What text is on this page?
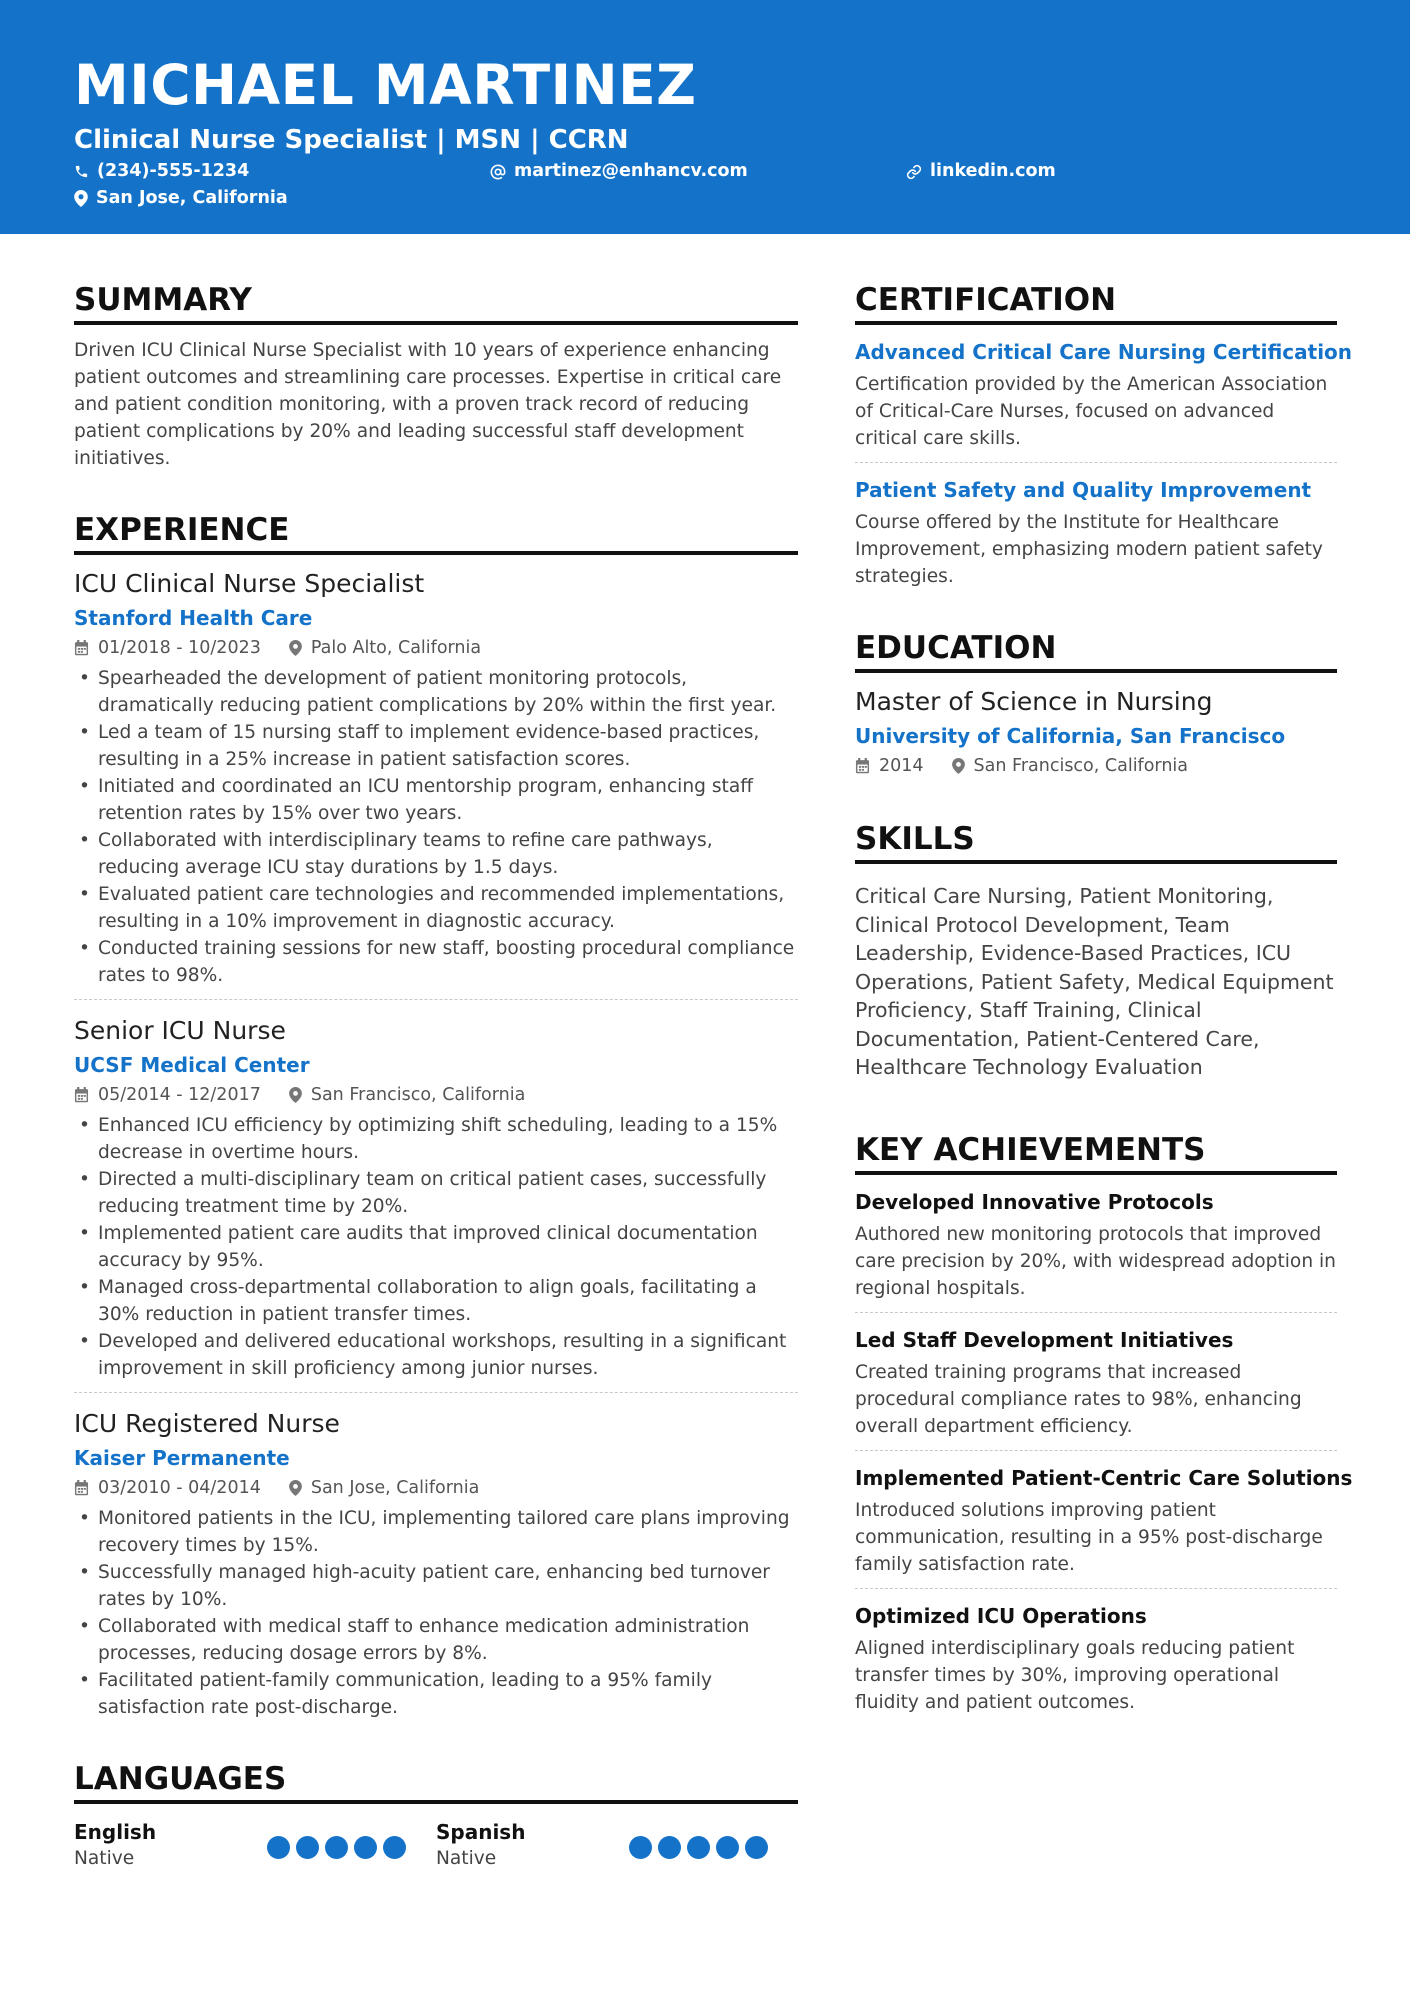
MICHAEL MARTINEZ
Clinical Nurse Specialist | MSN | CCRN
(234)-555-1234	martinez@enhancv.com	linkedin.com
San Jose, California
SUMMARY
Driven ICU Clinical Nurse Specialist with 10 years of experience enhancing patient outcomes and streamlining care processes. Expertise in critical care and patient condition monitoring, with a proven track record of reducing patient complications by 20% and leading successful staff development initiatives.
EXPERIENCE
ICU Clinical Nurse Specialist
Stanford Health Care
01/2018 - 10/2023	Palo Alto, California
• Spearheaded the development of patient monitoring protocols, dramatically reducing patient complications by 20% within the first year.
• Led a team of 15 nursing staff to implement evidence-based practices, resulting in a 25% increase in patient satisfaction scores.
• Initiated and coordinated an ICU mentorship program, enhancing staff retention rates by 15% over two years.
• Collaborated with interdisciplinary teams to refine care pathways, reducing average ICU stay durations by 1.5 days.
• Evaluated patient care technologies and recommended implementations, resulting in a 10% improvement in diagnostic accuracy.
• Conducted training sessions for new staff, boosting procedural compliance rates to 98%.
Senior ICU Nurse
UCSF Medical Center
05/2014 - 12/2017	San Francisco, California
• Enhanced ICU efficiency by optimizing shift scheduling, leading to a 15% decrease in overtime hours.
• Directed a multi-disciplinary team on critical patient cases, successfully reducing treatment time by 20%.
• Implemented patient care audits that improved clinical documentation accuracy by 95%.
• Managed cross-departmental collaboration to align goals, facilitating a 30% reduction in patient transfer times.
• Developed and delivered educational workshops, resulting in a significant improvement in skill proficiency among junior nurses.
ICU Registered Nurse
Kaiser Permanente
03/2010 - 04/2014	San Jose, California
• Monitored patients in the ICU, implementing tailored care plans improving recovery times by 15%.
• Successfully managed high-acuity patient care, enhancing bed turnover rates by 10%.
• Collaborated with medical staff to enhance medication administration processes, reducing dosage errors by 8%.
• Facilitated patient-family communication, leading to a 95% family satisfaction rate post-discharge.
LANGUAGES
English
Native
Spanish
Native
CERTIFICATION
Advanced Critical Care Nursing Certification
Certification provided by the American Association of Critical-Care Nurses, focused on advanced critical care skills.
Patient Safety and Quality Improvement
Course offered by the Institute for Healthcare Improvement, emphasizing modern patient safety strategies.
EDUCATION
Master of Science in Nursing
University of California, San Francisco
2014	San Francisco, California
SKILLS
Critical Care Nursing, Patient Monitoring, Clinical Protocol Development, Team Leadership, Evidence-Based Practices, ICU Operations, Patient Safety, Medical Equipment Proficiency, Staff Training, Clinical Documentation, Patient-Centered Care, Healthcare Technology Evaluation
KEY ACHIEVEMENTS
Developed Innovative Protocols
Authored new monitoring protocols that improved care precision by 20%, with widespread adoption in regional hospitals.
Led Staff Development Initiatives
Created training programs that increased procedural compliance rates to 98%, enhancing overall department efficiency.
Implemented Patient-Centric Care Solutions
Introduced solutions improving patient communication, resulting in a 95% post-discharge family satisfaction rate.
Optimized ICU Operations
Aligned interdisciplinary goals reducing patient transfer times by 30%, improving operational fluidity and patient outcomes.
